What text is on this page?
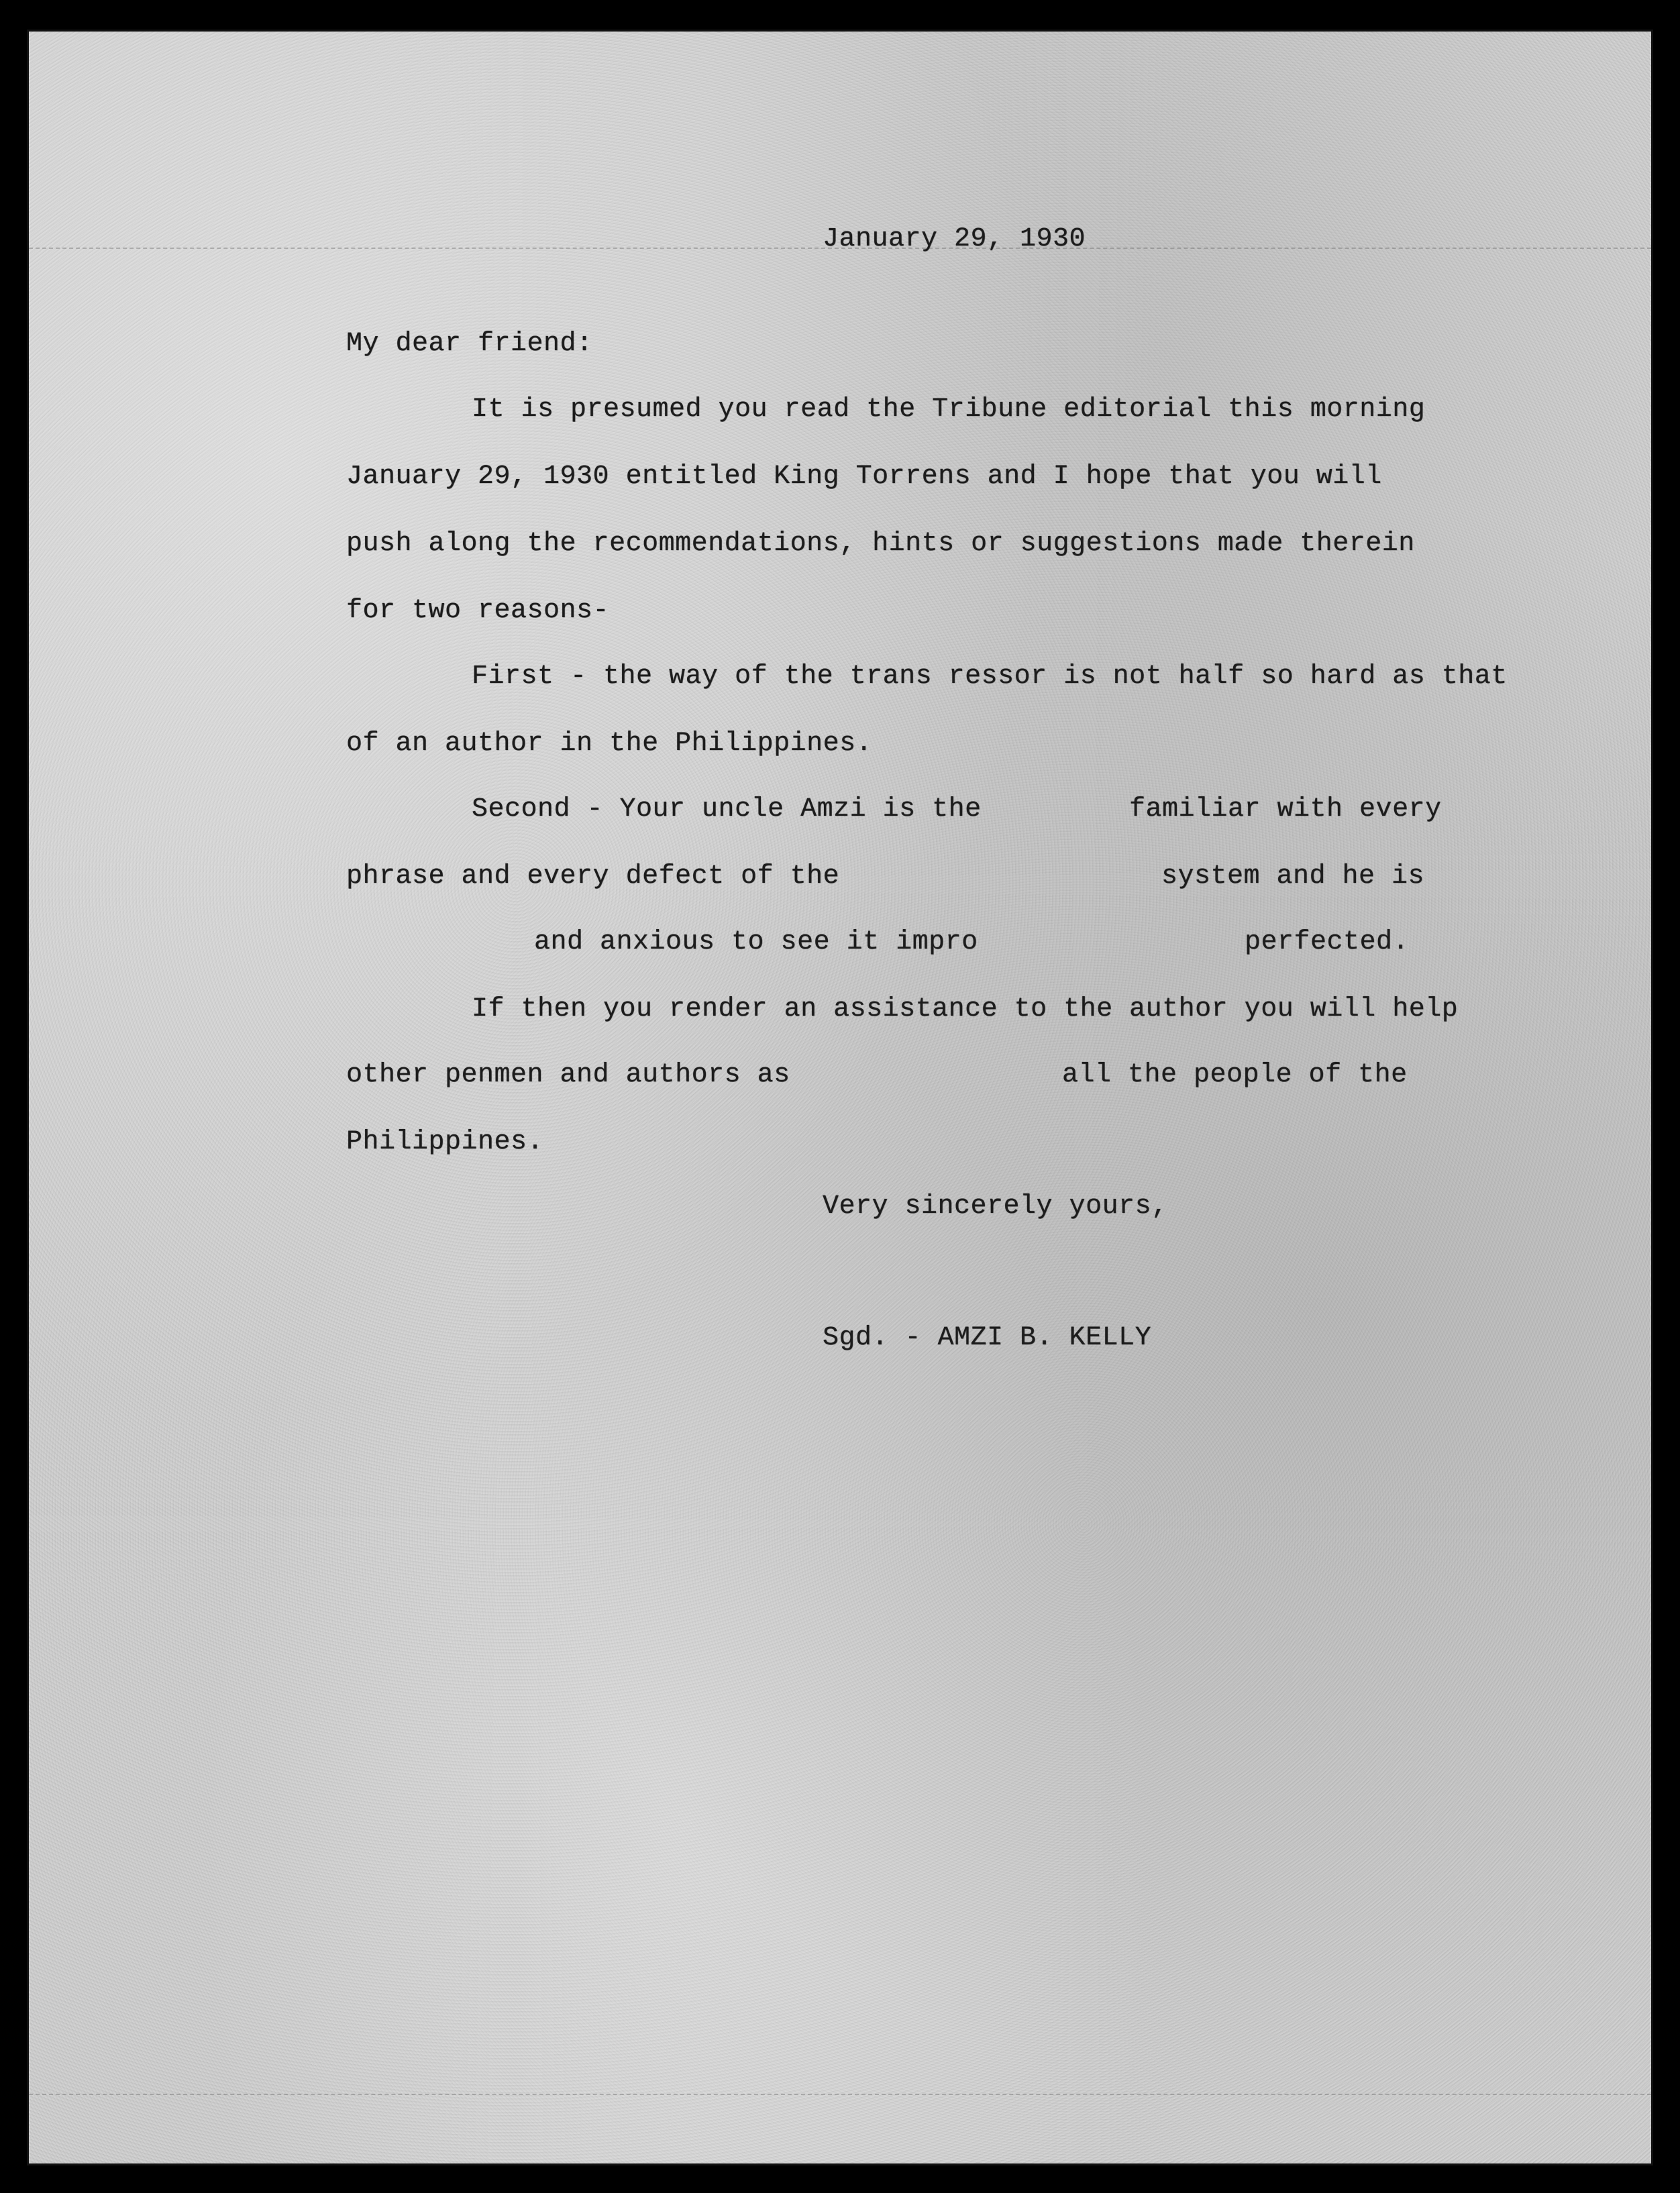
January 29, 1930
My dear friend:
It is presumed you read the Tribune editorial this morning
January 29, 1930 entitled King Torrens and I hope that you will
push along the recommendations, hints or suggestions made therein
for two reasons-
First - the way of the trans ressor is not half so hard as that
of an author in the Philippines.
Second - Your uncle Amzi is the	familiar with every
phrase and every defect of the	system and he is
and anxious to see it impro	perfected.
If then you render an assistance to the author you will help
other penmen and authors as	all the people of the
Philippines.
Very sincerely yours,
Sgd. - AMZI B. KELLY
